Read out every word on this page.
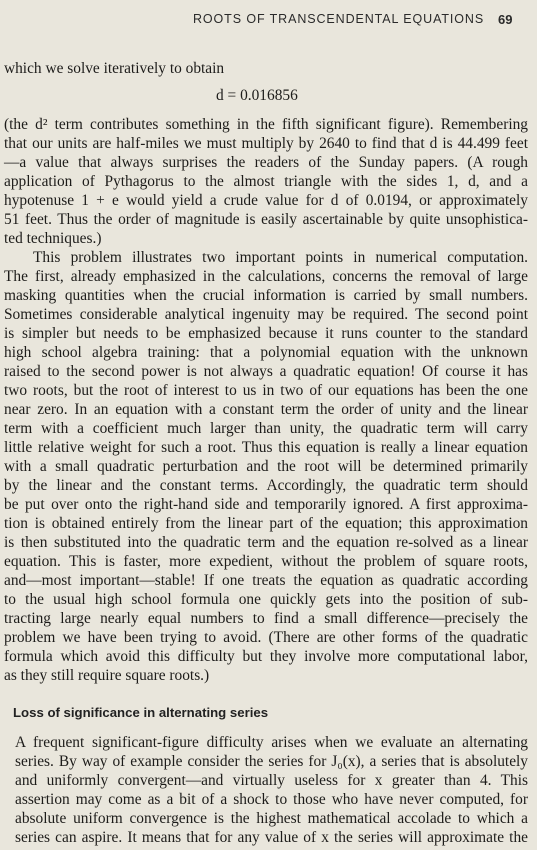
ROOTS OF TRANSCENDENTAL EQUATIONS 69
which we solve iteratively to obtain
d = 0.016856
(the d² term contributes something in the fifth significant figure). Remembering
that our units are half-miles we must multiply by 2640 to find that d is 44.499 feet
—a value that always surprises the readers of the Sunday papers. (A rough
application of Pythagorus to the almost triangle with the sides 1, d, and a
hypotenuse 1 + e would yield a crude value for d of 0.0194, or approximately
51 feet. Thus the order of magnitude is easily ascertainable by quite unsophistica-
ted techniques.)
This problem illustrates two important points in numerical computation.
The first, already emphasized in the calculations, concerns the removal of large
masking quantities when the crucial information is carried by small numbers.
Sometimes considerable analytical ingenuity may be required. The second point
is simpler but needs to be emphasized because it runs counter to the standard
high school algebra training: that a polynomial equation with the unknown
raised to the second power is not always a quadratic equation! Of course it has
two roots, but the root of interest to us in two of our equations has been the one
near zero. In an equation with a constant term the order of unity and the linear
term with a coefficient much larger than unity, the quadratic term will carry
little relative weight for such a root. Thus this equation is really a linear equation
with a small quadratic perturbation and the root will be determined primarily
by the linear and the constant terms. Accordingly, the quadratic term should
be put over onto the right-hand side and temporarily ignored. A first approxima-
tion is obtained entirely from the linear part of the equation; this approximation
is then substituted into the quadratic term and the equation re-solved as a linear
equation. This is faster, more expedient, without the problem of square roots,
and—most important—stable! If one treats the equation as quadratic according
to the usual high school formula one quickly gets into the position of sub-
tracting large nearly equal numbers to find a small difference—precisely the
problem we have been trying to avoid. (There are other forms of the quadratic
formula which avoid this difficulty but they involve more computational labor,
as they still require square roots.)
Loss of significance in alternating series
A frequent significant-figure difficulty arises when we evaluate an alternating
series. By way of example consider the series for J₀(x), a series that is absolutely
and uniformly convergent—and virtually useless for x greater than 4. This
assertion may come as a bit of a shock to those who have never computed, for
absolute uniform convergence is the highest mathematical accolade to which a
series can aspire. It means that for any value of x the series will approximate the
